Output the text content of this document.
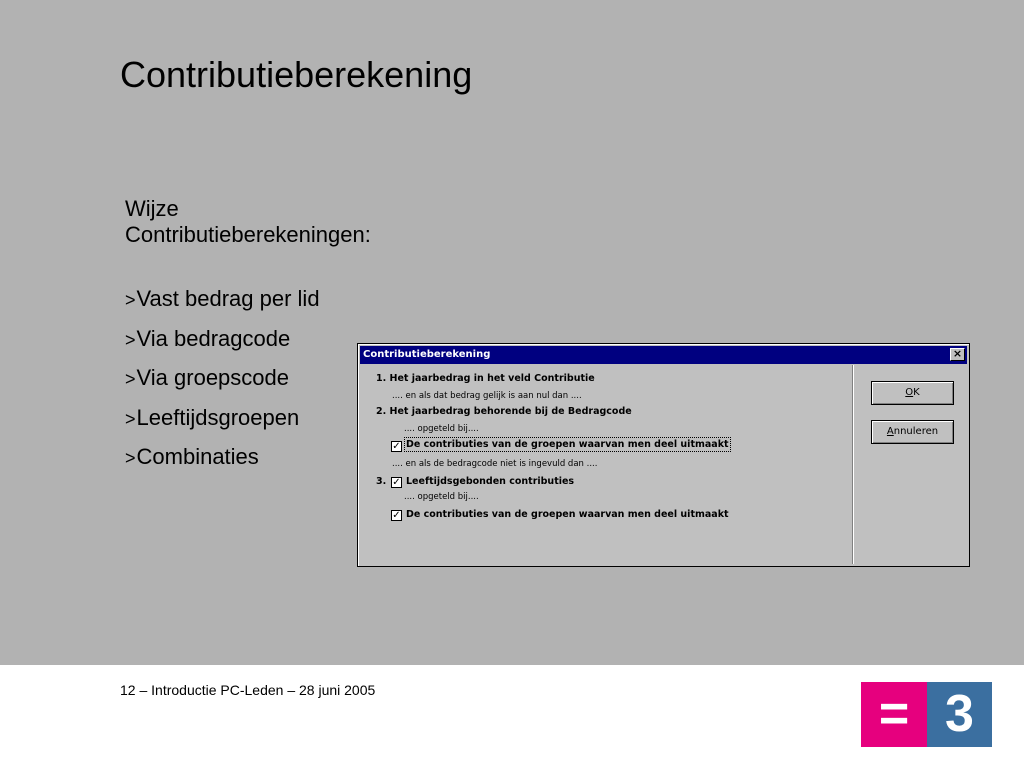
Contributieberekening
Wijze
Contributieberekeningen:
>Vast bedrag per lid
>Via bedragcode
>Via groepscode
>Leeftijdsgroepen
>Combinaties
Contributieberekening	×
1. Het jaarbedrag in het veld Contributie
.... en als dat bedrag gelijk is aan nul dan ....
2. Het jaarbedrag behorende bij de Bedragcode
.... opgeteld bij....
✓ De contributies van de groepen waarvan men deel uitmaakt
.... en als de bedragcode niet is ingevuld dan ....
3. ✓ Leeftijdsgebonden contributies
.... opgeteld bij....
✓ De contributies van de groepen waarvan men deel uitmaakt
OK
Annuleren
12 – Introductie PC-Leden – 28 juni 2005	= 3
